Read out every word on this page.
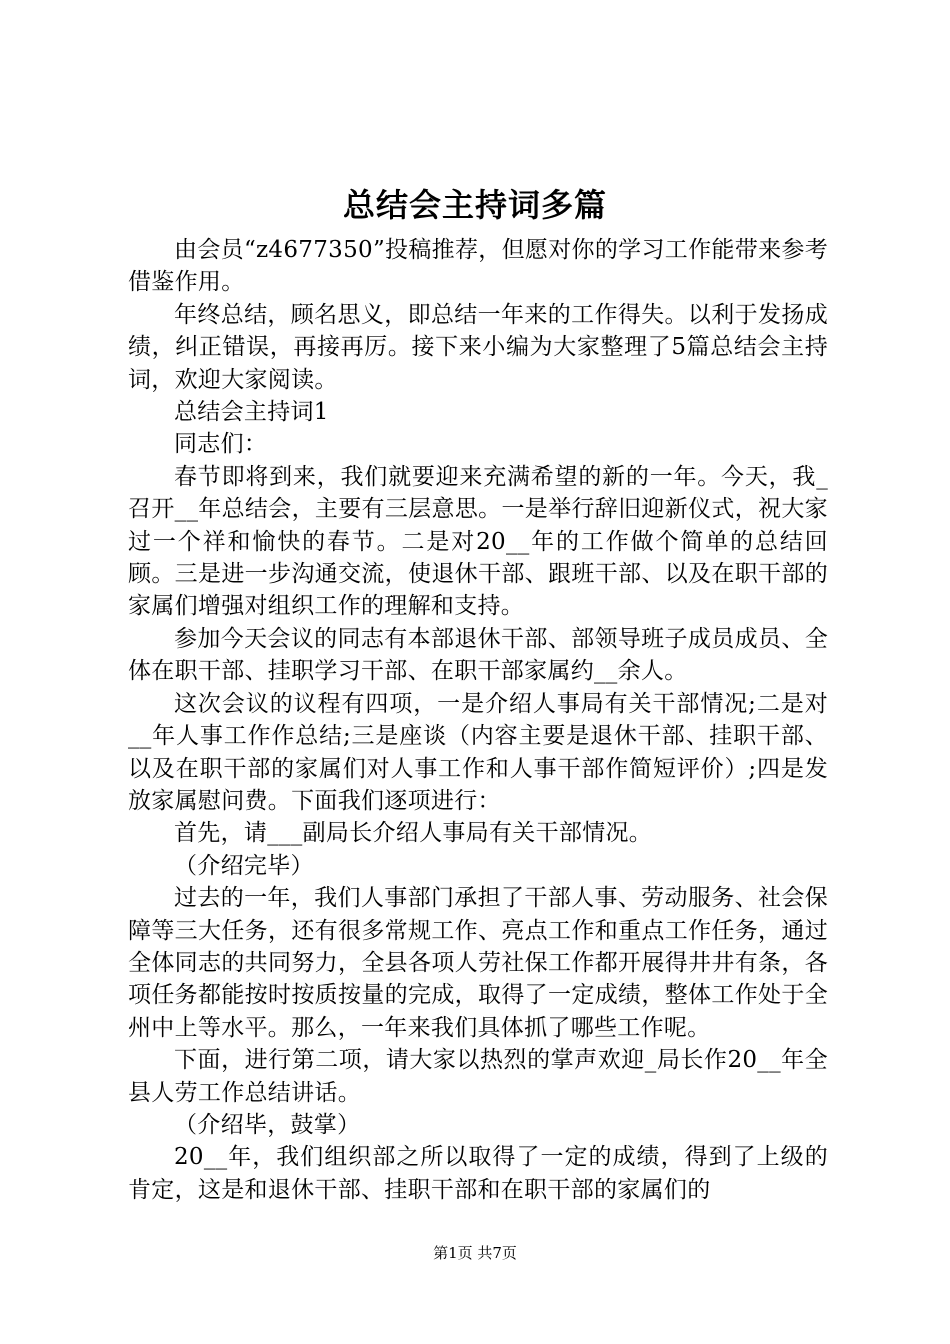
总结会主持词多篇

由会员“z4677350”投稿推荐，但愿对你的学习工作能带来参考借鉴作用。

年终总结，顾名思义，即总结一年来的工作得失。以利于发扬成绩，纠正错误，再接再厉。接下来小编为大家整理了5篇总结会主持词，欢迎大家阅读。

总结会主持词1

同志们：

春节即将到来，我们就要迎来充满希望的新的一年。今天，我_召开__年总结会，主要有三层意思。一是举行辞旧迎新仪式，祝大家过一个祥和愉快的春节。二是对20__年的工作做个简单的总结回顾。三是进一步沟通交流，使退休干部、跟班干部、以及在职干部的家属们增强对组织工作的理解和支持。

参加今天会议的同志有本部退休干部、部领导班子成员成员、全体在职干部、挂职学习干部、在职干部家属约__余人。

这次会议的议程有四项，一是介绍人事局有关干部情况;二是对__年人事工作作总结;三是座谈（内容主要是退休干部、挂职干部、以及在职干部的家属们对人事工作和人事干部作简短评价）;四是发放家属慰问费。下面我们逐项进行：

首先，请___副局长介绍人事局有关干部情况。

（介绍完毕）

过去的一年，我们人事部门承担了干部人事、劳动服务、社会保障等三大任务，还有很多常规工作、亮点工作和重点工作任务，通过全体同志的共同努力，全县各项人劳社保工作都开展得井井有条，各项任务都能按时按质按量的完成，取得了一定成绩，整体工作处于全州中上等水平。那么，一年来我们具体抓了哪些工作呢。

下面，进行第二项，请大家以热烈的掌声欢迎_局长作20__年全县人劳工作总结讲话。

（介绍毕，鼓掌）

20__年，我们组织部之所以取得了一定的成绩，得到了上级的肯定，这是和退休干部、挂职干部和在职干部的家属们的

第1页 共7页
